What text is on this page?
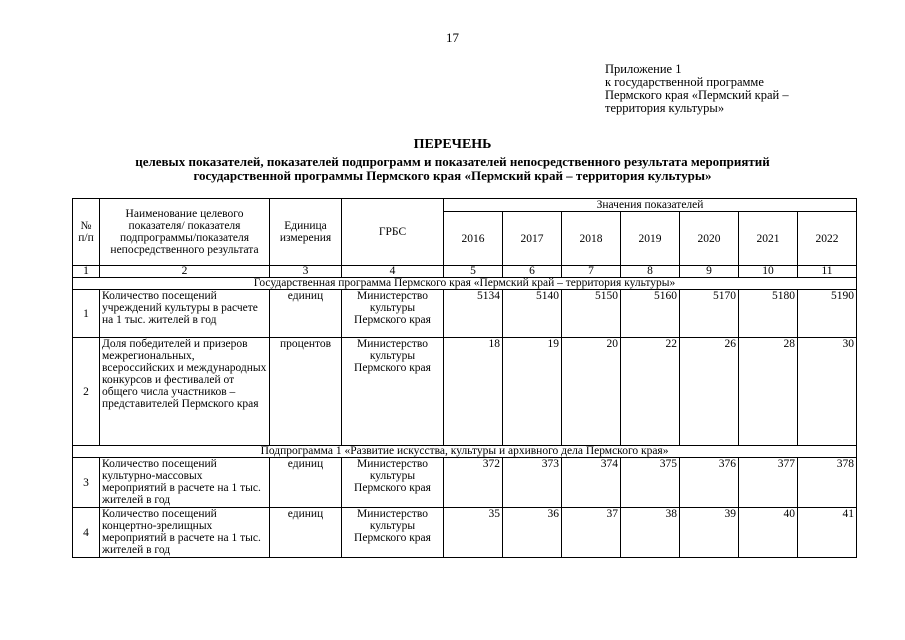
17
Приложение 1
к государственной программе
Пермского края «Пермский край –
территория культуры»
ПЕРЕЧЕНЬ
целевых показателей, показателей подпрограмм и показателей непосредственного результата мероприятий
государственной программы Пермского края «Пермский край – территория культуры»
№ п/п	Наименование целевого показателя/ показателя подпрограммы/показателя непосредственного результата	Единица измерения	ГРБС	Значения показателей						
				2016	2017	2018	2019	2020	2021	2022
1	2	3	4	5	6	7	8	9	10	11
Государственная программа Пермского края «Пермский край – территория культуры»										
1	Количество посещений учреждений культуры в расчете на 1 тыс. жителей в год	единиц	Министерство культуры Пермского края	5134	5140	5150	5160	5170	5180	5190
2	Доля победителей и призеров межрегиональных, всероссийских и международных конкурсов и фестивалей от общего числа участников – представителей Пермского края	процентов	Министерство культуры Пермского края	18	19	20	22	26	28	30
Подпрограмма 1 «Развитие искусства, культуры и архивного дела Пермского края»										
3	Количество посещений культурно-массовых мероприятий в расчете на 1 тыс. жителей в год	единиц	Министерство культуры Пермского края	372	373	374	375	376	377	378
4	Количество посещений концертно-зрелищных мероприятий в расчете на 1 тыс. жителей в год	единиц	Министерство культуры Пермского края	35	36	37	38	39	40	41
